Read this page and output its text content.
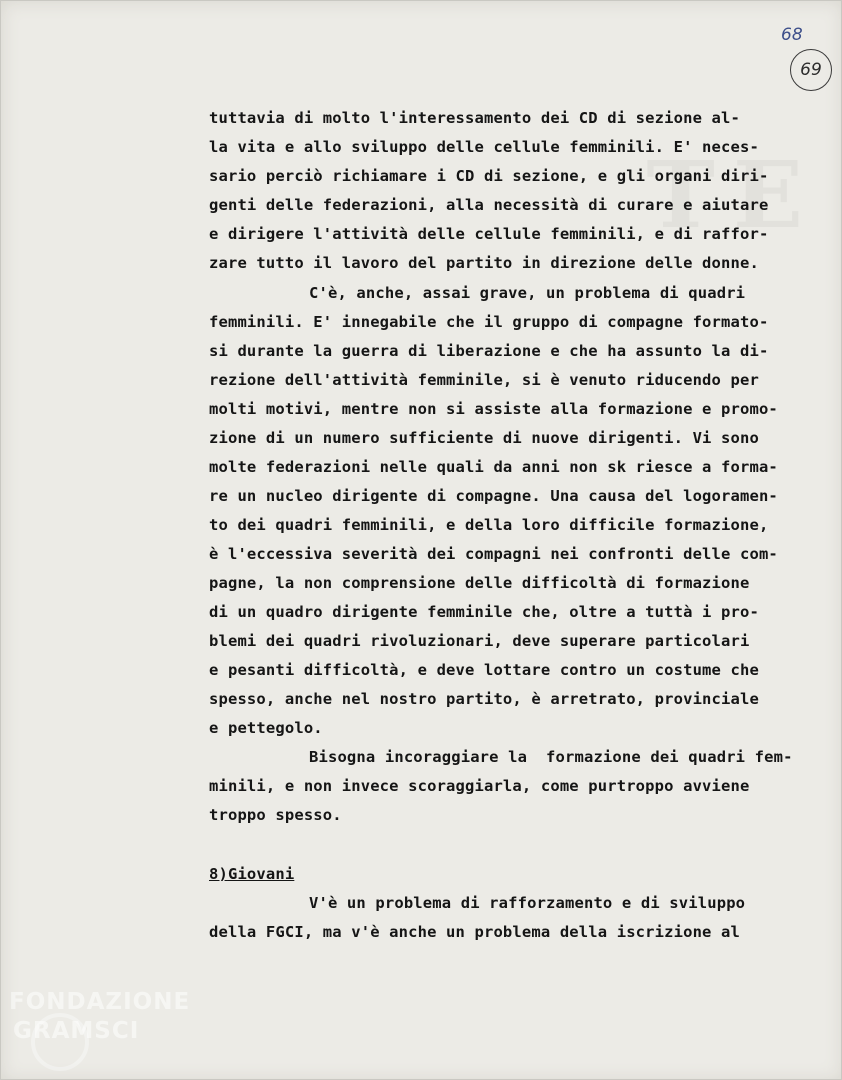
TE
68
69
tuttavia di molto l'interessamento dei CD di sezione al-
la vita e allo sviluppo delle cellule femminili. E' neces-
sario perciò richiamare i CD di sezione, e gli organi diri-
genti delle federazioni, alla necessità di curare e aiutare
e dirigere l'attività delle cellule femminili, e di raffor-
zare tutto il lavoro del partito in direzione delle donne.
C'è, anche, assai grave, un problema di quadri
femminili. E' innegabile che il gruppo di compagne formato-
si durante la guerra di liberazione e che ha assunto la di-
rezione dell'attività femminile, si è venuto riducendo per
molti motivi, mentre non si assiste alla formazione e promo-
zione di un numero sufficiente di nuove dirigenti. Vi sono
molte federazioni nelle quali da anni non sk riesce a forma-
re un nucleo dirigente di compagne. Una causa del logoramen-
to dei quadri femminili, e della loro difficile formazione,
è l'eccessiva severità dei compagni nei confronti delle com-
pagne, la non comprensione delle difficoltà di formazione
di un quadro dirigente femminile che, oltre a tuttà i pro-
blemi dei quadri rivoluzionari, deve superare particolari
e pesanti difficoltà, e deve lottare contro un costume che
spesso, anche nel nostro partito, è arretrato, provinciale
e pettegolo.
Bisogna incoraggiare la  formazione dei quadri fem-
minili, e non invece scoraggiarla, come purtroppo avviene
troppo spesso.
8)Giovani
V'è un problema di rafforzamento e di sviluppo
della FGCI, ma v'è anche un problema della iscrizione al
FONDAZIONE
GRAMSCI
